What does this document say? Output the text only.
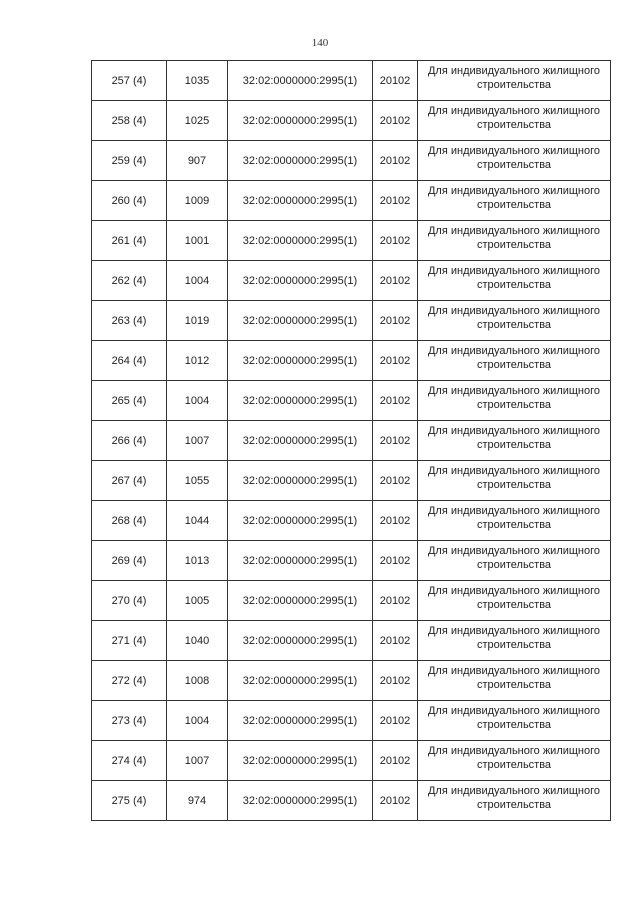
140
257 (4)	1035	32:02:0000000:2995(1)	20102	Для индивидуального жилищного строительства
258 (4)	1025	32:02:0000000:2995(1)	20102	Для индивидуального жилищного строительства
259 (4)	907	32:02:0000000:2995(1)	20102	Для индивидуального жилищного строительства
260 (4)	1009	32:02:0000000:2995(1)	20102	Для индивидуального жилищного строительства
261 (4)	1001	32:02:0000000:2995(1)	20102	Для индивидуального жилищного строительства
262 (4)	1004	32:02:0000000:2995(1)	20102	Для индивидуального жилищного строительства
263 (4)	1019	32:02:0000000:2995(1)	20102	Для индивидуального жилищного строительства
264 (4)	1012	32:02:0000000:2995(1)	20102	Для индивидуального жилищного строительства
265 (4)	1004	32:02:0000000:2995(1)	20102	Для индивидуального жилищного строительства
266 (4)	1007	32:02:0000000:2995(1)	20102	Для индивидуального жилищного строительства
267 (4)	1055	32:02:0000000:2995(1)	20102	Для индивидуального жилищного строительства
268 (4)	1044	32:02:0000000:2995(1)	20102	Для индивидуального жилищного строительства
269 (4)	1013	32:02:0000000:2995(1)	20102	Для индивидуального жилищного строительства
270 (4)	1005	32:02:0000000:2995(1)	20102	Для индивидуального жилищного строительства
271 (4)	1040	32:02:0000000:2995(1)	20102	Для индивидуального жилищного строительства
272 (4)	1008	32:02:0000000:2995(1)	20102	Для индивидуального жилищного строительства
273 (4)	1004	32:02:0000000:2995(1)	20102	Для индивидуального жилищного строительства
274 (4)	1007	32:02:0000000:2995(1)	20102	Для индивидуального жилищного строительства
275 (4)	974	32:02:0000000:2995(1)	20102	Для индивидуального жилищного строительства
